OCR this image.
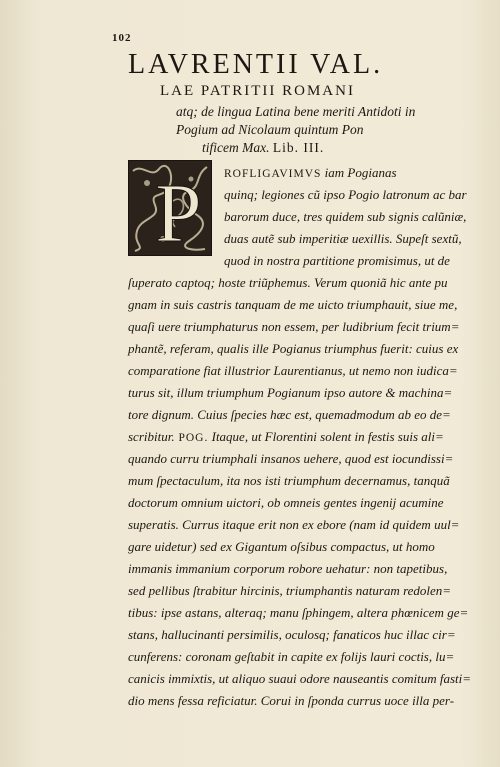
102
LAVRENTII VAL.
LAE PATRITII ROMANI
atq; de lingua Latina bene meriti Antidoti in
Pogium ad Nicolaum quintum Pon
tificem Max. Lib. III.
P ROFLIGAVIMVS iam Pogianas
quinq; legiones cũ ipso Pogio latronum ac bar
barorum duce, tres quidem sub signis calũniæ,
duas autẽ sub imperitiæ uexillis. Supeſt sextũ,
quod in nostra partitione promisimus, ut de
ſuperato captoq; hoste triũphemus. Verum quoniã hic ante pu
gnam in suis castris tanquam de me uicto triumphauit, siue me,
quaſi uere triumphaturus non essem, per ludibrium fecit trium=
phantẽ, referam, qualis ille Pogianus triumphus fuerit: cuius ex
comparatione fiat illustrior Laurentianus, ut nemo non iudica=
turus sit, illum triumphum Pogianum ipso autore & machina=
tore dignum. Cuius ſpecies hæc est, quemadmodum ab eo de=
scribitur. POG. Itaque, ut Florentini solent in festis suis ali=
quando curru triumphali insanos uehere, quod est iocundissi=
mum ſpectaculum, ita nos isti triumphum decernamus, tanquã
doctorum omnium uictori, ob omneis gentes ingenij acumine
superatis. Currus itaque erit non ex ebore (nam id quidem uul=
gare uidetur) sed ex Gigantum oſsibus compactus, ut homo
immanis immanium corporum robore uehatur: non tapetibus,
sed pellibus ſtrabitur hircinis, triumphantis naturam redolen=
tibus: ipse astans, alteraq; manu ſphingem, altera phœnicem ge=
stans, hallucinanti persimilis, oculosq; fanaticos huc illac cir=
cunferens: coronam geſtabit in capite ex folijs lauri coctis, lu=
canicis immixtis, ut aliquo suaui odore nauseantis comitum fasti=
dio mens fessa reficiatur. Corui in ſponda currus uoce illa per-
